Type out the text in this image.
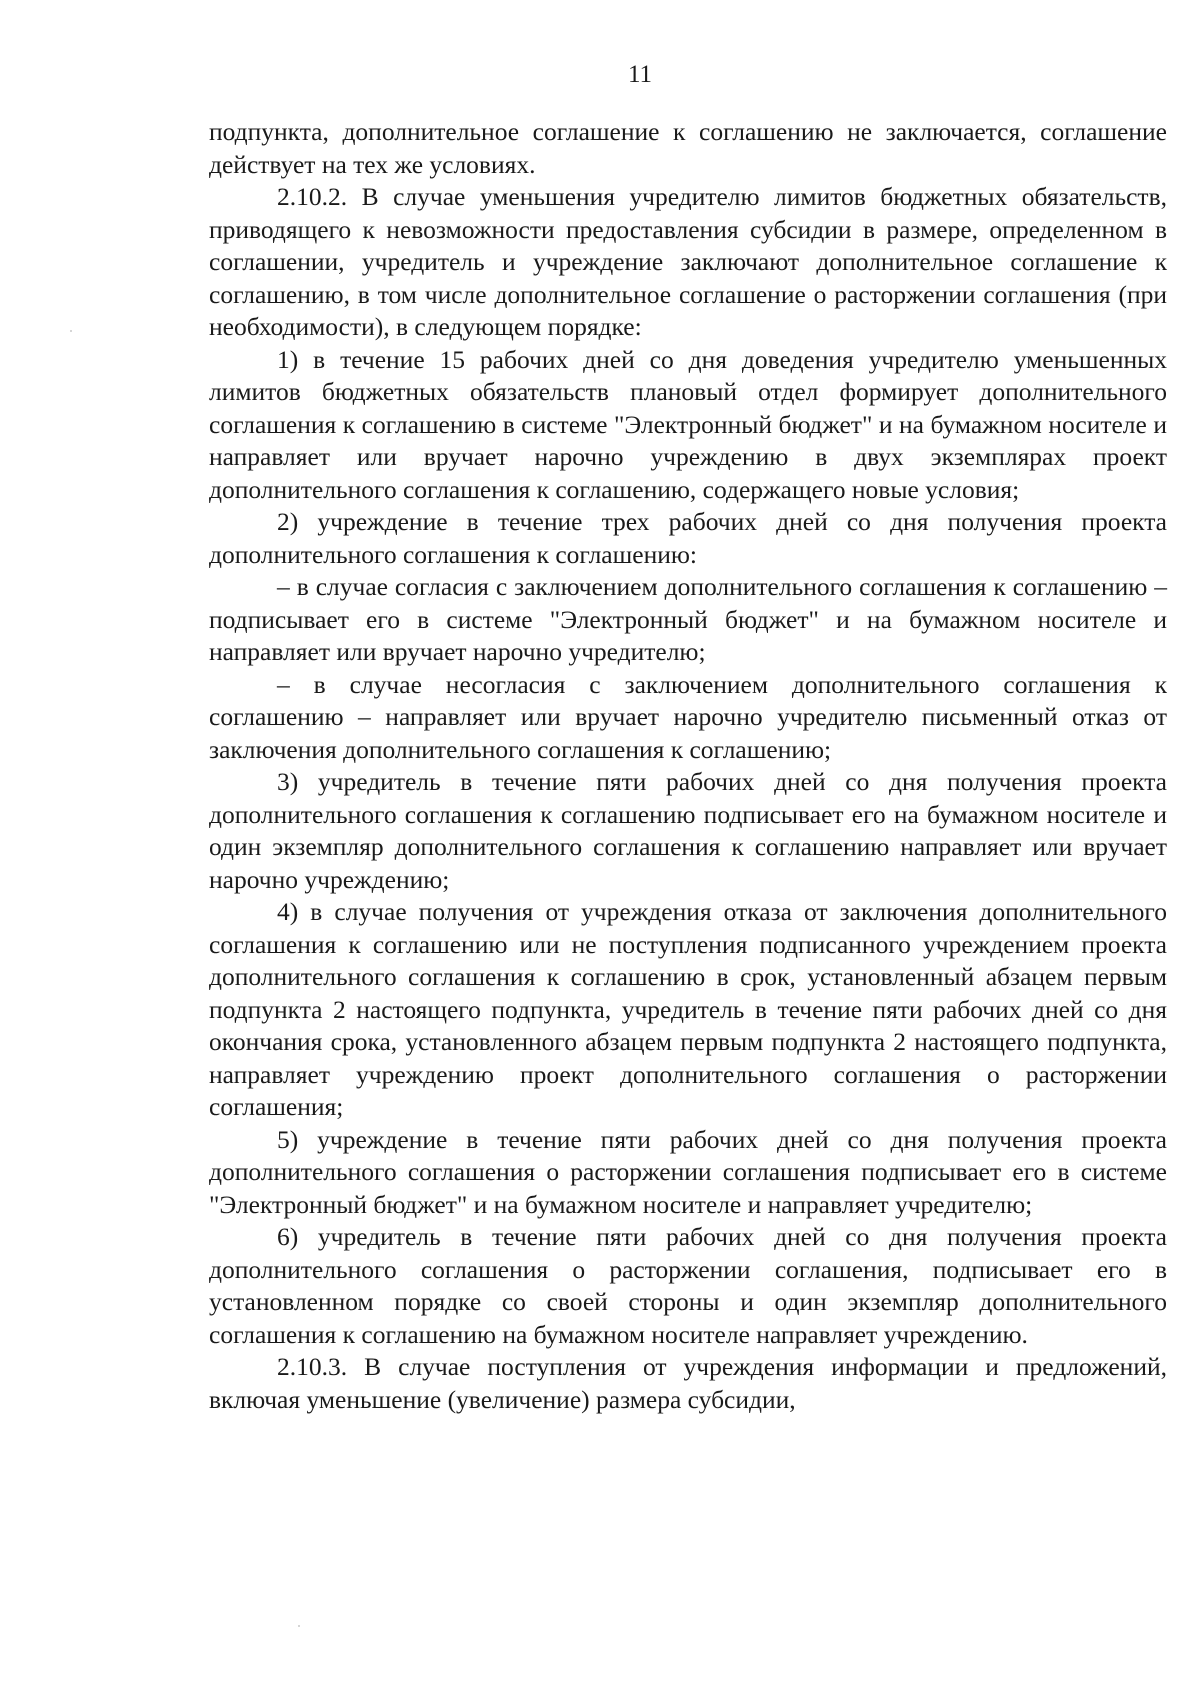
11

подпункта, дополнительное соглашение к соглашению не заключается, соглашение действует на тех же условиях.

2.10.2. В случае уменьшения учредителю лимитов бюджетных обязательств, приводящего к невозможности предоставления субсидии в размере, определенном в соглашении, учредитель и учреждение заключают дополнительное соглашение к соглашению, в том числе дополнительное соглашение о расторжении соглашения (при необходимости), в следующем порядке:

1) в течение 15 рабочих дней со дня доведения учредителю уменьшенных лимитов бюджетных обязательств плановый отдел формирует дополнительного соглашения к соглашению в системе "Электронный бюджет" и на бумажном носителе и направляет или вручает нарочно учреждению в двух экземплярах проект дополнительного соглашения к соглашению, содержащего новые условия;

2) учреждение в течение трех рабочих дней со дня получения проекта дополнительного соглашения к соглашению:

– в случае согласия с заключением дополнительного соглашения к соглашению – подписывает его в системе "Электронный бюджет" и на бумажном носителе и направляет или вручает нарочно учредителю;

– в случае несогласия с заключением дополнительного соглашения к соглашению – направляет или вручает нарочно учредителю письменный отказ от заключения дополнительного соглашения к соглашению;

3) учредитель в течение пяти рабочих дней со дня получения проекта дополнительного соглашения к соглашению подписывает его на бумажном носителе и один экземпляр дополнительного соглашения к соглашению направляет или вручает нарочно учреждению;

4) в случае получения от учреждения отказа от заключения дополнительного соглашения к соглашению или не поступления подписанного учреждением проекта дополнительного соглашения к соглашению в срок, установленный абзацем первым подпункта 2 настоящего подпункта, учредитель в течение пяти рабочих дней со дня окончания срока, установленного абзацем первым подпункта 2 настоящего подпункта, направляет учреждению проект дополнительного соглашения о расторжении соглашения;

5) учреждение в течение пяти рабочих дней со дня получения проекта дополнительного соглашения о расторжении соглашения подписывает его в системе "Электронный бюджет" и на бумажном носителе и направляет учредителю;

6) учредитель в течение пяти рабочих дней со дня получения проекта дополнительного соглашения о расторжении соглашения, подписывает его в установленном порядке со своей стороны и один экземпляр дополнительного соглашения к соглашению на бумажном носителе направляет учреждению.

2.10.3. В случае поступления от учреждения информации и предложений, включая уменьшение (увеличение) размера субсидии,
